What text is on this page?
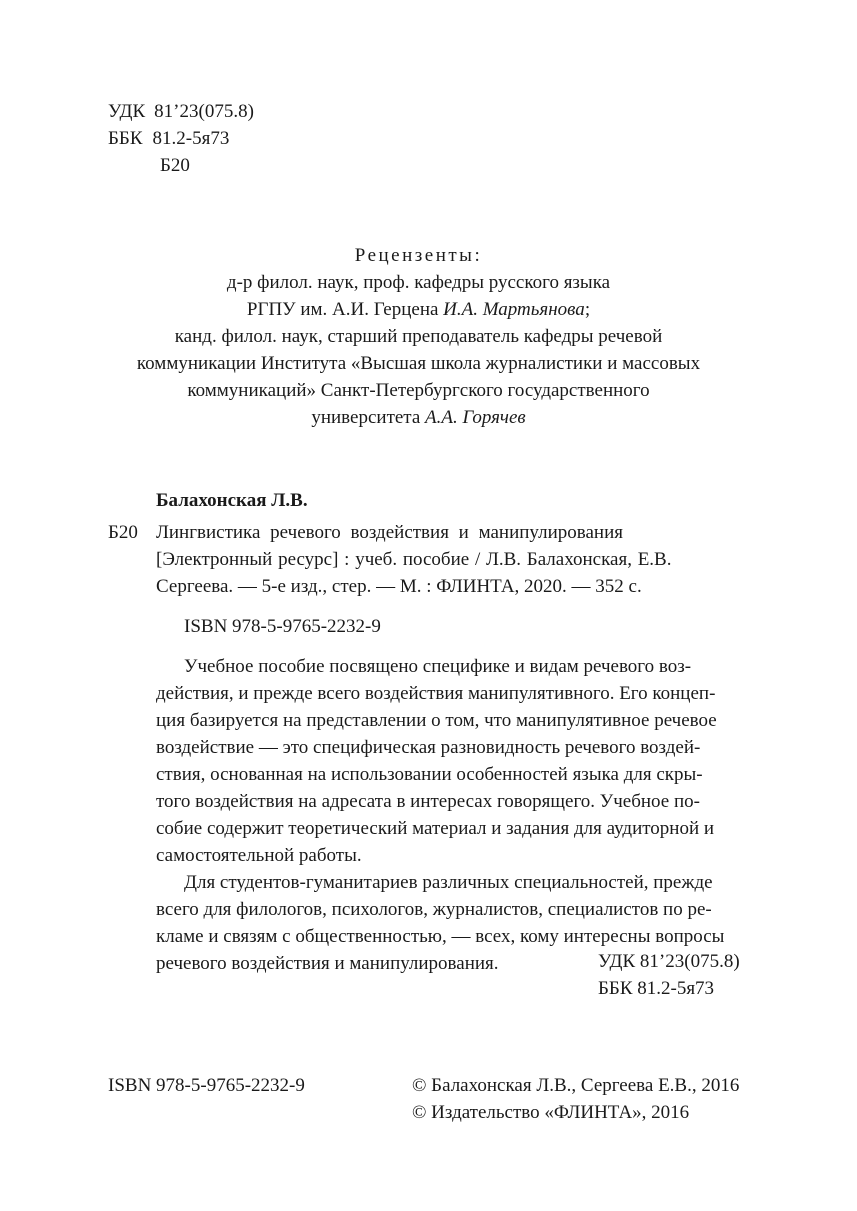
УДК 81’23(075.8)
ББК 81.2-5я73
Б20
Рецензенты:
д-р филол. наук, проф. кафедры русского языка
РГПУ им. А.И. Герцена И.А. Мартьянова;
канд. филол. наук, старший преподаватель кафедры речевой
коммуникации Института «Высшая школа журналистики и массовых
коммуникаций» Санкт-Петербургского государственного
университета А.А. Горячев
Балахонская Л.В.
Б20 Лингвистика речевого воздействия и манипулирования
[Электронный ресурс] : учеб. пособие / Л.В. Балахонская, Е.В.
Сергеева. — 5-е изд., стер. — М. : ФЛИНТА, 2020. — 352 с.
ISBN 978-5-9765-2232-9
Учебное пособие посвящено специфике и видам речевого воз-
действия, и прежде всего воздействия манипулятивного. Его концеп-
ция базируется на представлении о том, что манипулятивное речевое
воздействие — это специфическая разновидность речевого воздей-
ствия, основанная на использовании особенностей языка для скры-
того воздействия на адресата в интересах говорящего. Учебное по-
собие содержит теоретический материал и задания для аудиторной и
самостоятельной работы.
Для студентов-гуманитариев различных специальностей, прежде
всего для филологов, психологов, журналистов, специалистов по ре-
кламе и связям с общественностью, — всех, кому интересны вопросы
речевого воздействия и манипулирования.	УДК 81’23(075.8)
ББК 81.2-5я73
ISBN 978-5-9765-2232-9	© Балахонская Л.В., Сергеева Е.В., 2016
© Издательство «ФЛИНТА», 2016
